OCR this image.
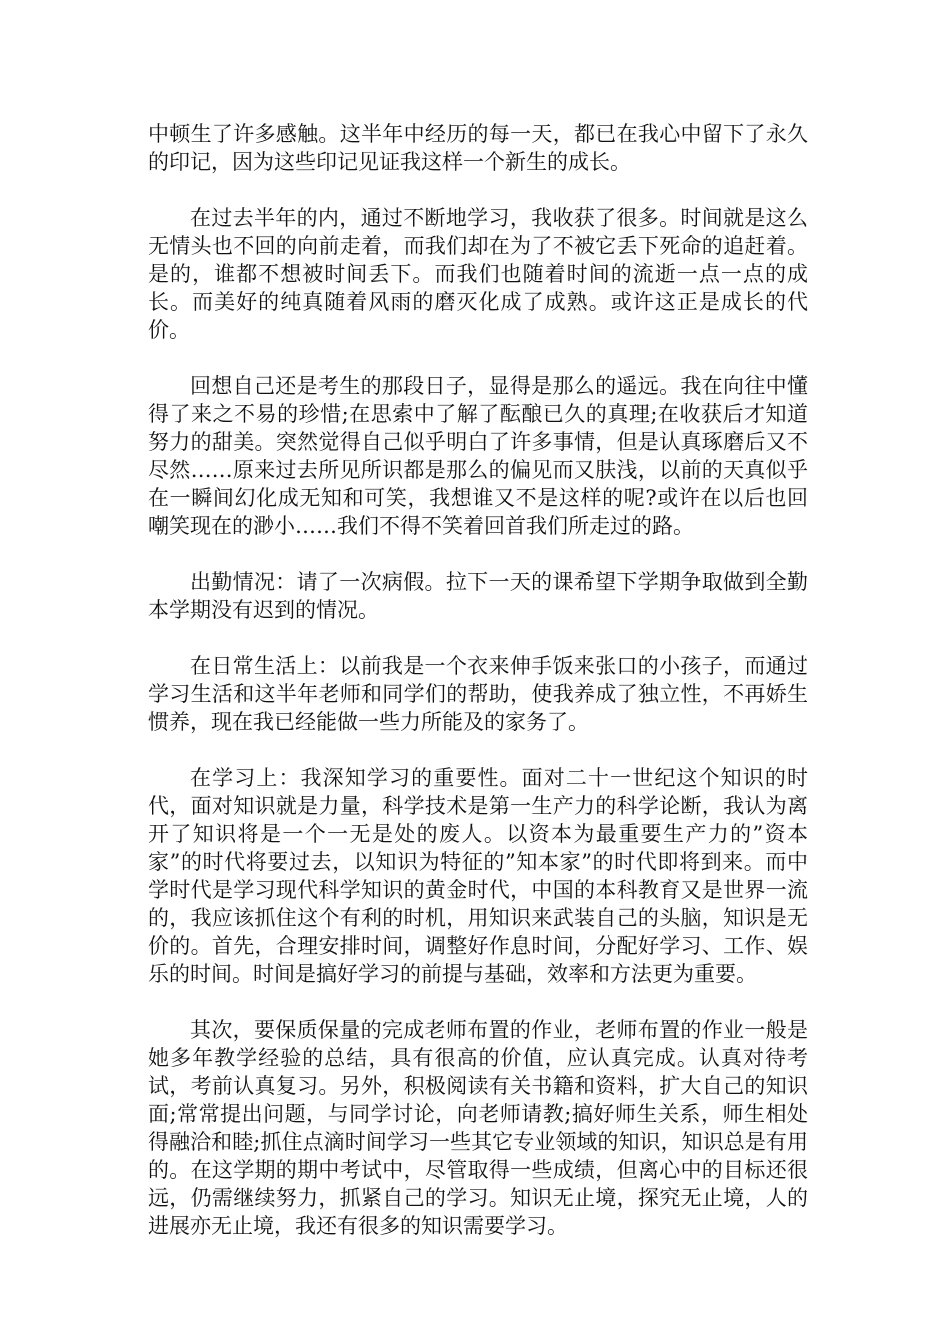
中顿生了许多感触。这半年中经历的每一天，都已在我心中留下了永久的印记，因为这些印记见证我这样一个新生的成长。

在过去半年的内，通过不断地学习，我收获了很多。时间就是这么无情头也不回的向前走着，而我们却在为了不被它丢下死命的追赶着。是的，谁都不想被时间丢下。而我们也随着时间的流逝一点一点的成长。而美好的纯真随着风雨的磨灭化成了成熟。或许这正是成长的代价。

回想自己还是考生的那段日子，显得是那么的遥远。我在向往中懂得了来之不易的珍惜;在思索中了解了酝酿已久的真理;在收获后才知道努力的甜美。突然觉得自己似乎明白了许多事情，但是认真琢磨后又不尽然……原来过去所见所识都是那么的偏见而又肤浅，以前的天真似乎在一瞬间幻化成无知和可笑，我想谁又不是这样的呢?或许在以后也回嘲笑现在的渺小……我们不得不笑着回首我们所走过的路。

出勤情况：请了一次病假。拉下一天的课希望下学期争取做到全勤本学期没有迟到的情况。

在日常生活上：以前我是一个衣来伸手饭来张口的小孩子，而通过学习生活和这半年老师和同学们的帮助，使我养成了独立性，不再娇生惯养，现在我已经能做一些力所能及的家务了。

在学习上：我深知学习的重要性。面对二十一世纪这个知识的时代，面对知识就是力量，科学技术是第一生产力的科学论断，我认为离开了知识将是一个一无是处的废人。以资本为最重要生产力的”资本家”的时代将要过去，以知识为特征的”知本家”的时代即将到来。而中学时代是学习现代科学知识的黄金时代，中国的本科教育又是世界一流的，我应该抓住这个有利的时机，用知识来武装自己的头脑，知识是无价的。首先，合理安排时间，调整好作息时间，分配好学习、工作、娱乐的时间。时间是搞好学习的前提与基础，效率和方法更为重要。

其次，要保质保量的完成老师布置的作业，老师布置的作业一般是她多年教学经验的总结，具有很高的价值，应认真完成。认真对待考试，考前认真复习。另外，积极阅读有关书籍和资料，扩大自己的知识面;常常提出问题，与同学讨论，向老师请教;搞好师生关系，师生相处得融洽和睦;抓住点滴时间学习一些其它专业领域的知识，知识总是有用的。在这学期的期中考试中，尽管取得一些成绩，但离心中的目标还很远，仍需继续努力，抓紧自己的学习。知识无止境，探究无止境，人的进展亦无止境，我还有很多的知识需要学习。
